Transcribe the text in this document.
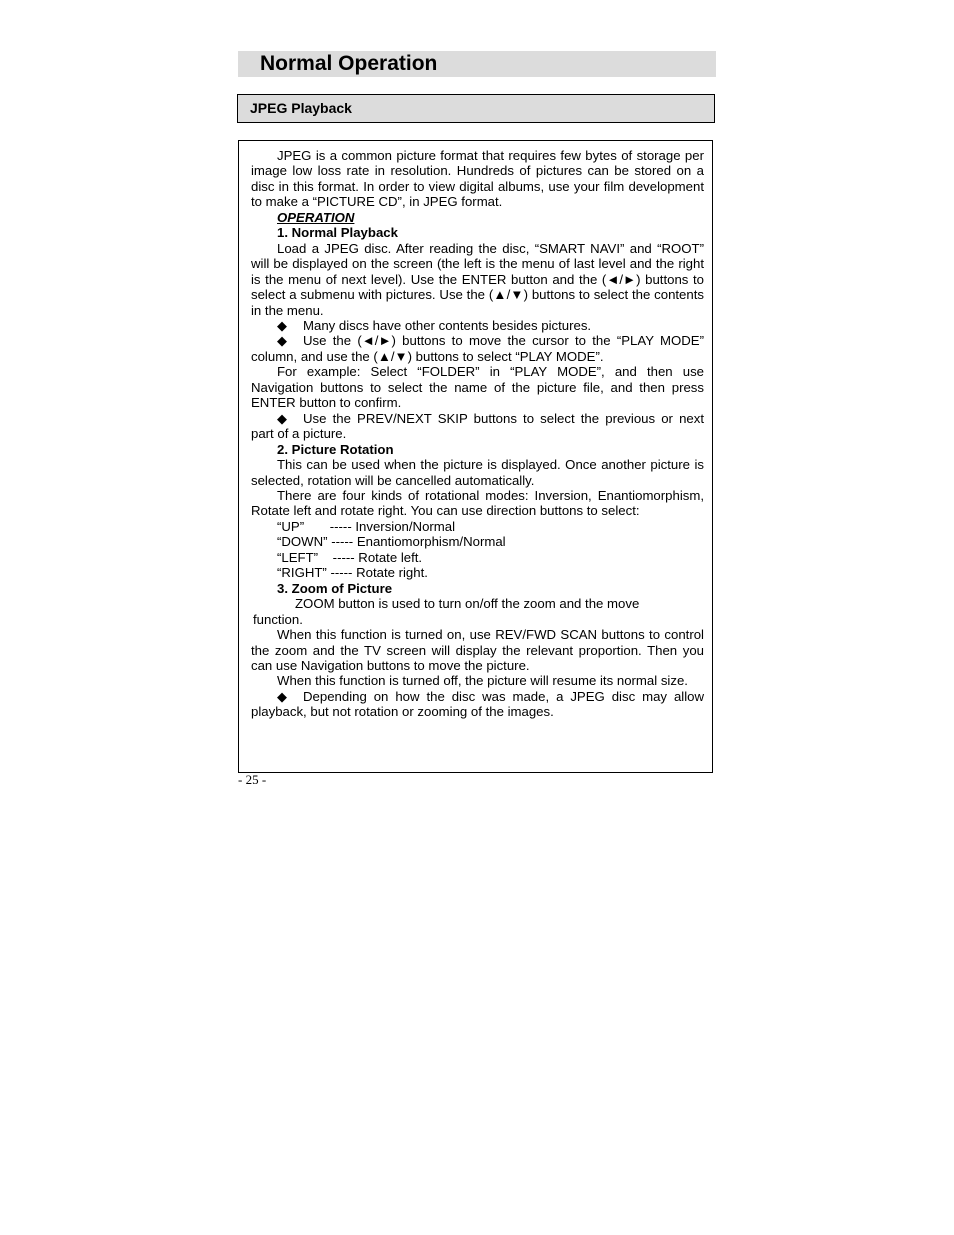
Normal Operation
JPEG Playback

JPEG is a common picture format that requires few bytes of storage per image low loss rate in resolution. Hundreds of pictures can be stored on a disc in this format. In order to view digital albums, use your film development to make a “PICTURE CD”, in JPEG format.

OPERATION

1. Normal Playback

Load a JPEG disc. After reading the disc, “SMART NAVI” and “ROOT” will be displayed on the screen (the left is the menu of last level and the right is the menu of next level). Use the ENTER button and the (◄/►) buttons to select a submenu with pictures. Use the (▲/▼) buttons to select the contents in the menu.

◆ Many discs have other contents besides pictures.

◆ Use the (◄/►) buttons to move the cursor to the “PLAY MODE” column, and use the (▲/▼) buttons to select “PLAY MODE”.

For example: Select “FOLDER” in “PLAY MODE”, and then use Navigation buttons to select the name of the picture file, and then press ENTER button to confirm.

◆ Use the PREV/NEXT SKIP buttons to select the previous or next part of a picture.

2. Picture Rotation

This can be used when the picture is displayed. Once another picture is selected, rotation will be cancelled automatically.

There are four kinds of rotational modes: Inversion, Enantiomorphism, Rotate left and rotate right. You can use direction buttons to select:

“UP”       ----- Inversion/Normal

“DOWN” ----- Enantiomorphism/Normal

“LEFT”    ----- Rotate left.

“RIGHT” ----- Rotate right.

3. Zoom of Picture

ZOOM button is used to turn on/off the zoom and the move

function.

When this function is turned on, use REV/FWD SCAN buttons to control the zoom and the TV screen will display the relevant proportion. Then you can use Navigation buttons to move the picture.

When this function is turned off, the picture will resume its normal size.

◆ Depending on how the disc was made, a JPEG disc may allow playback, but not rotation or zooming of the images.

- 25 -
